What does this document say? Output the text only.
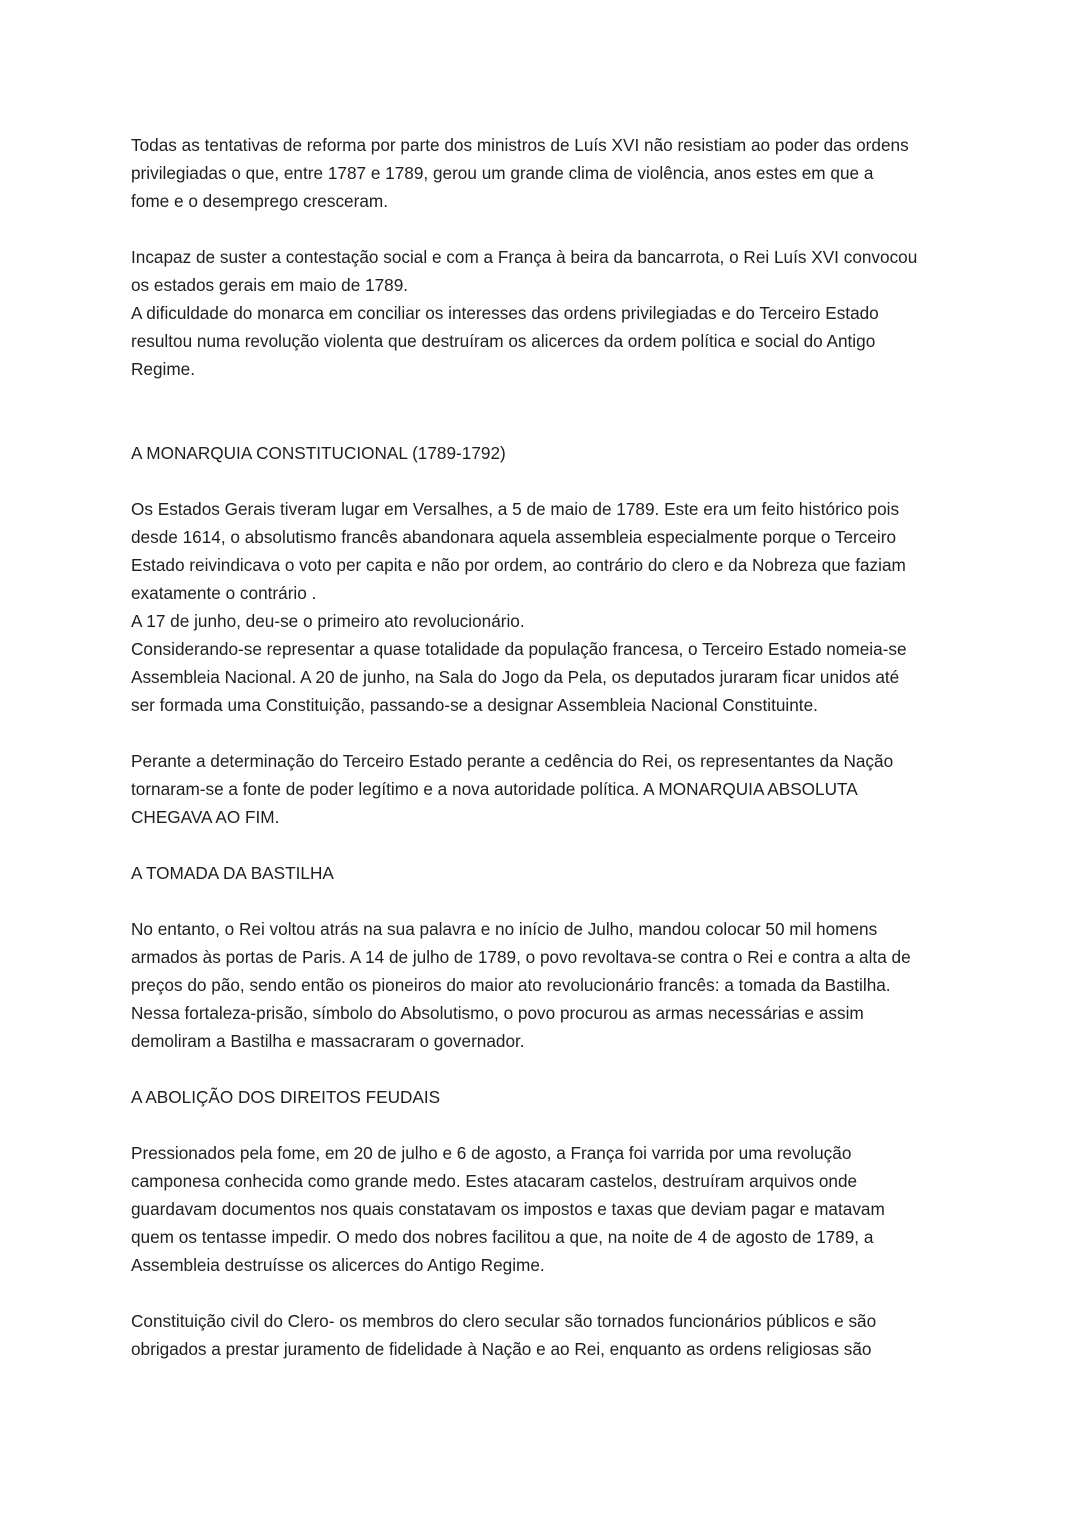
Todas as tentativas de reforma por parte dos ministros de Luís XVI não resistiam ao poder das ordens
privilegiadas o que, entre 1787 e 1789, gerou um grande clima de violência, anos estes em que a
fome e o desemprego cresceram.

Incapaz de suster a contestação social e com a França à beira da bancarrota, o Rei Luís XVI convocou
os estados gerais em maio de 1789.
A dificuldade do monarca em conciliar os interesses das ordens privilegiadas e do Terceiro Estado
resultou numa revolução violenta que destruíram os alicerces da ordem política e social do Antigo
Regime.

A MONARQUIA CONSTITUCIONAL (1789-1792)

Os Estados Gerais tiveram lugar em Versalhes, a 5 de maio de 1789. Este era um feito histórico pois
desde 1614, o absolutismo francês abandonara aquela assembleia especialmente porque o Terceiro
Estado reivindicava o voto per capita e não por ordem, ao contrário do clero e da Nobreza que faziam
exatamente o contrário .
A 17 de junho, deu-se o primeiro ato revolucionário.
Considerando-se representar a quase totalidade da população francesa, o Terceiro Estado nomeia-se
Assembleia Nacional. A 20 de junho, na Sala do Jogo da Pela, os deputados juraram ficar unidos até
ser formada uma Constituição, passando-se a designar Assembleia Nacional Constituinte.

Perante a determinação do Terceiro Estado perante a cedência do Rei, os representantes da Nação
tornaram-se a fonte de poder legítimo e a nova autoridade política. A MONARQUIA ABSOLUTA
CHEGAVA AO FIM.

A TOMADA DA BASTILHA

No entanto, o Rei voltou atrás na sua palavra e no início de Julho, mandou colocar 50 mil homens
armados às portas de Paris. A 14 de julho de 1789, o povo revoltava-se contra o Rei e contra a alta de
preços do pão, sendo então os pioneiros do maior ato revolucionário francês: a tomada da Bastilha.
Nessa fortaleza-prisão, símbolo do Absolutismo, o povo procurou as armas necessárias e assim
demoliram a Bastilha e massacraram o governador.

A ABOLIÇÃO DOS DIREITOS FEUDAIS

Pressionados pela fome, em 20 de julho e 6 de agosto, a França foi varrida por uma revolução
camponesa conhecida como grande medo. Estes atacaram castelos, destruíram arquivos onde
guardavam documentos nos quais constatavam os impostos e taxas que deviam pagar e matavam
quem os tentasse impedir. O medo dos nobres facilitou a que, na noite de 4 de agosto de 1789, a
Assembleia destruísse os alicerces do Antigo Regime.

Constituição civil do Clero- os membros do clero secular são tornados funcionários públicos e são
obrigados a prestar juramento de fidelidade à Nação e ao Rei, enquanto as ordens religiosas são
